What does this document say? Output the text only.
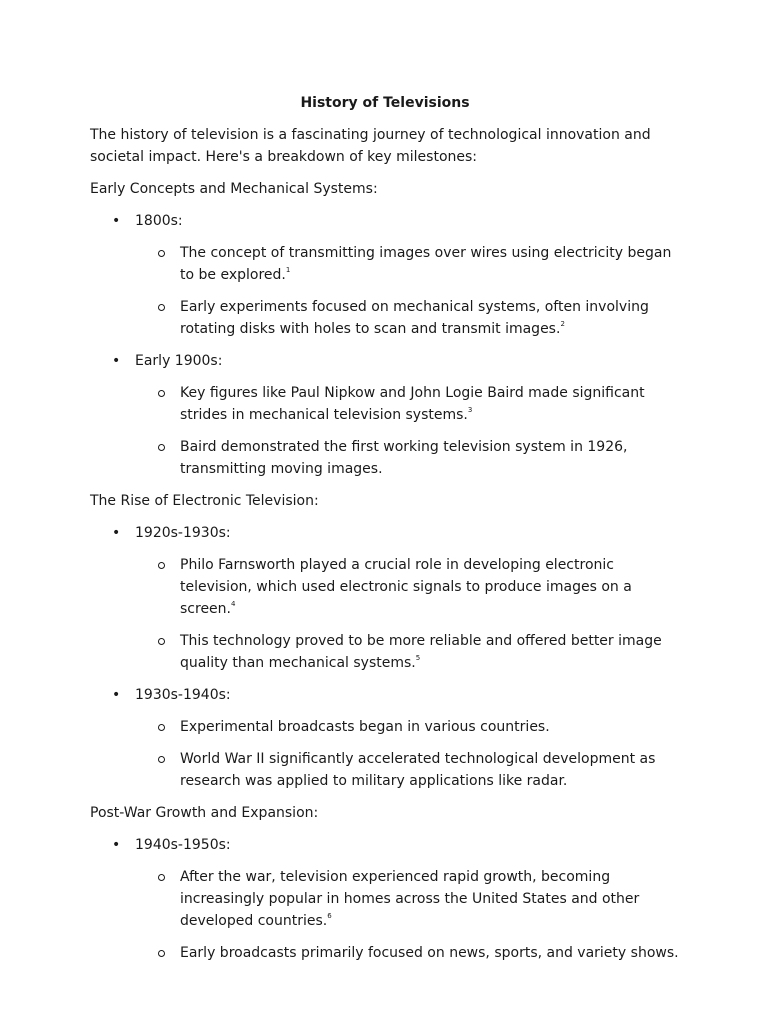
History of Televisions
The history of television is a fascinating journey of technological innovation and societal impact. Here's a breakdown of key milestones:
Early Concepts and Mechanical Systems:
• 1800s:
The concept of transmitting images over wires using electricity began to be explored.$^1$
Early experiments focused on mechanical systems, often involving rotating disks with holes to scan and transmit images.$^2$
• Early 1900s:
Key figures like Paul Nipkow and John Logie Baird made significant strides in mechanical television systems.$^3$
Baird demonstrated the first working television system in 1926, transmitting moving images.
The Rise of Electronic Television:
• 1920s-1930s:
Philo Farnsworth played a crucial role in developing electronic television, which used electronic signals to produce images on a screen.$^4$
This technology proved to be more reliable and offered better image quality than mechanical systems.$^5$
• 1930s-1940s:
Experimental broadcasts began in various countries.
World War II significantly accelerated technological development as research was applied to military applications like radar.
Post-War Growth and Expansion:
• 1940s-1950s:
After the war, television experienced rapid growth, becoming increasingly popular in homes across the United States and other developed countries.$^6$
Early broadcasts primarily focused on news, sports, and variety shows.
